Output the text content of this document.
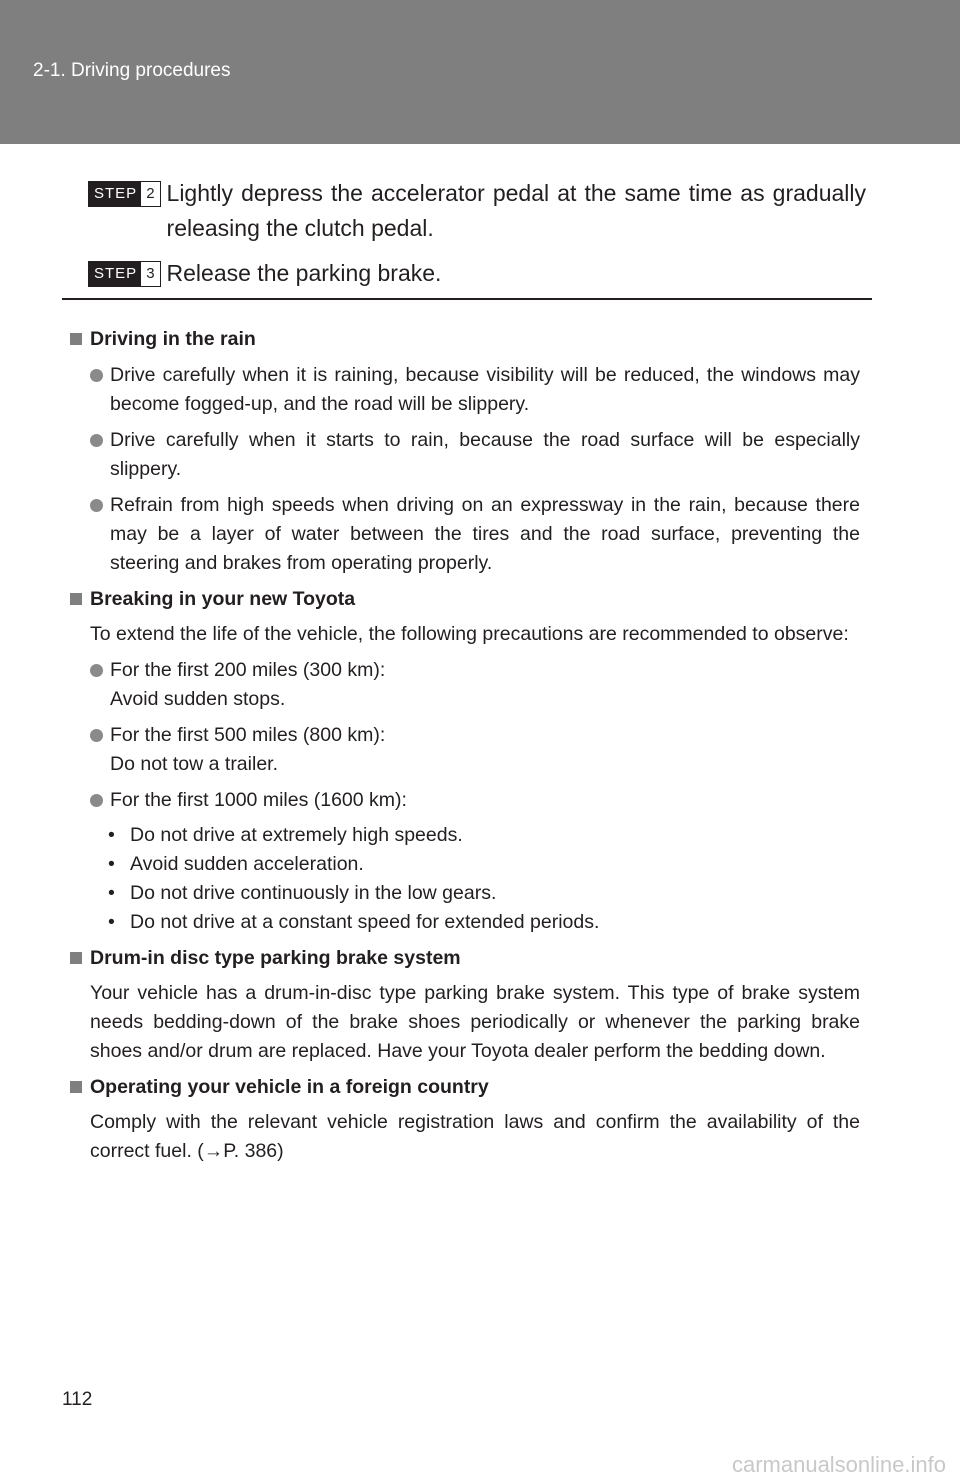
2-1. Driving procedures
STEP 2 Lightly depress the accelerator pedal at the same time as gradually releasing the clutch pedal.
STEP 3 Release the parking brake.
Driving in the rain
Drive carefully when it is raining, because visibility will be reduced, the windows may become fogged-up, and the road will be slippery.
Drive carefully when it starts to rain, because the road surface will be especially slippery.
Refrain from high speeds when driving on an expressway in the rain, because there may be a layer of water between the tires and the road surface, preventing the steering and brakes from operating properly.
Breaking in your new Toyota
To extend the life of the vehicle, the following precautions are recommended to observe:
For the first 200 miles (300 km):
Avoid sudden stops.
For the first 500 miles (800 km):
Do not tow a trailer.
For the first 1000 miles (1600 km):
• Do not drive at extremely high speeds.
• Avoid sudden acceleration.
• Do not drive continuously in the low gears.
• Do not drive at a constant speed for extended periods.
Drum-in disc type parking brake system
Your vehicle has a drum-in-disc type parking brake system. This type of brake system needs bedding-down of the brake shoes periodically or whenever the parking brake shoes and/or drum are replaced. Have your Toyota dealer perform the bedding down.
Operating your vehicle in a foreign country
Comply with the relevant vehicle registration laws and confirm the availability of the correct fuel. (→P. 386)
112
carmanualsonline.info
